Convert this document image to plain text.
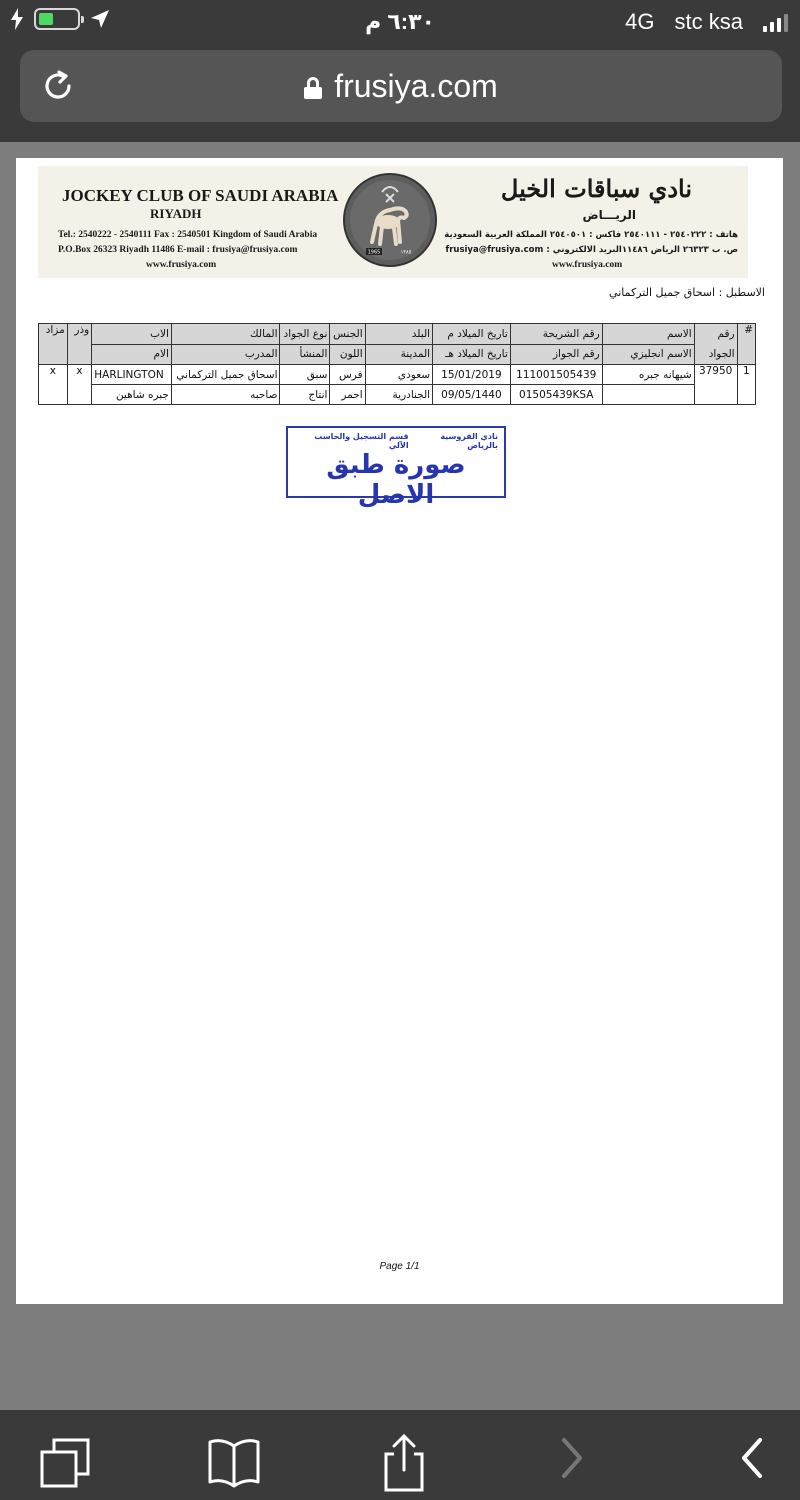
٦:٣٠ م	4G stc ksa
frusiya.com
JOCKEY CLUB OF SAUDI ARABIA
RIYADH
Tel.: 2540222 - 2540111 Fax : 2540501 Kingdom of Saudi Arabia
P.O.Box 26323 Riyadh 11486 E-mail : frusiya@frusiya.com
www.frusiya.com
1965	١٣٨٥
نادي سباقات الخيل
الريـــاض
هاتف : ٢٥٤٠٢٢٢ - ٢٥٤٠١١١ فاكس : ٢٥٤٠٥٠١ المملكة العربية السعودية
ص. ب ٢٦٣٢٣ الرياض ١١٤٨٦البريد الالكتروني : frusiya@frusiya.com
www.frusiya.com
الاسطبل : اسحاق جميل التركماني
#	رقم الجواد	الاسم	رقم الشريحة	تاريخ الميلاد م	البلد	الجنس	نوع الجواد	المالك	الاب	وذر	مزاد
		الاسم انجليزي	رقم الجواز	تاريخ الميلاد هـ	المدينة	اللون	المنشأ	المدرب	الام		
1	37950	شيهانه جبره	111001505439	15/01/2019	سعودي	فرس	سبق	اسحاق جميل التركماني	HARLINGTON	x	x
			01505439KSA	09/05/1440	الجنادرية	احمر	انتاج	صاحبه	جبره شاهين		
نادي الفروسية بالرياض
قسم التسجيل والحاسب الآلي
صورة طبق الاصل
Page 1/1
